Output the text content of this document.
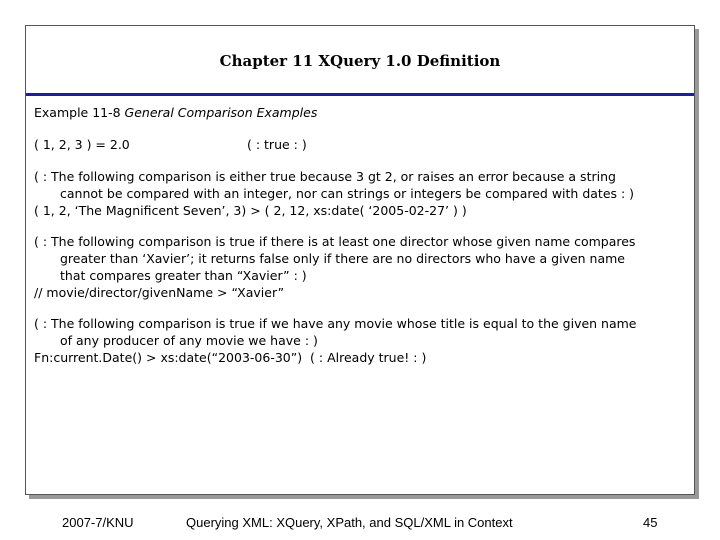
Chapter 11 XQuery 1.0 Definition
Example 11-8 General Comparison Examples
( 1, 2, 3 ) = 2.0	( : true : )
( : The following comparison is either true because 3 gt 2, or raises an error because a string
cannot be compared with an integer, nor can strings or integers be compared with dates : )
( 1, 2, ‘The Magnificent Seven’, 3) > ( 2, 12, xs:date( ‘2005-02-27’ ) )
( : The following comparison is true if there is at least one director whose given name compares
greater than ‘Xavier’; it returns false only if there are no directors who have a given name
that compares greater than “Xavier” : )
// movie/director/givenName > “Xavier”
( : The following comparison is true if we have any movie whose title is equal to the given name
of any producer of any movie we have : )
Fn:current.Date() > xs:date(“2003-06-30”)  ( : Already true! : )
2007-7/KNU	Querying XML: XQuery, XPath, and SQL/XML in Context	45
